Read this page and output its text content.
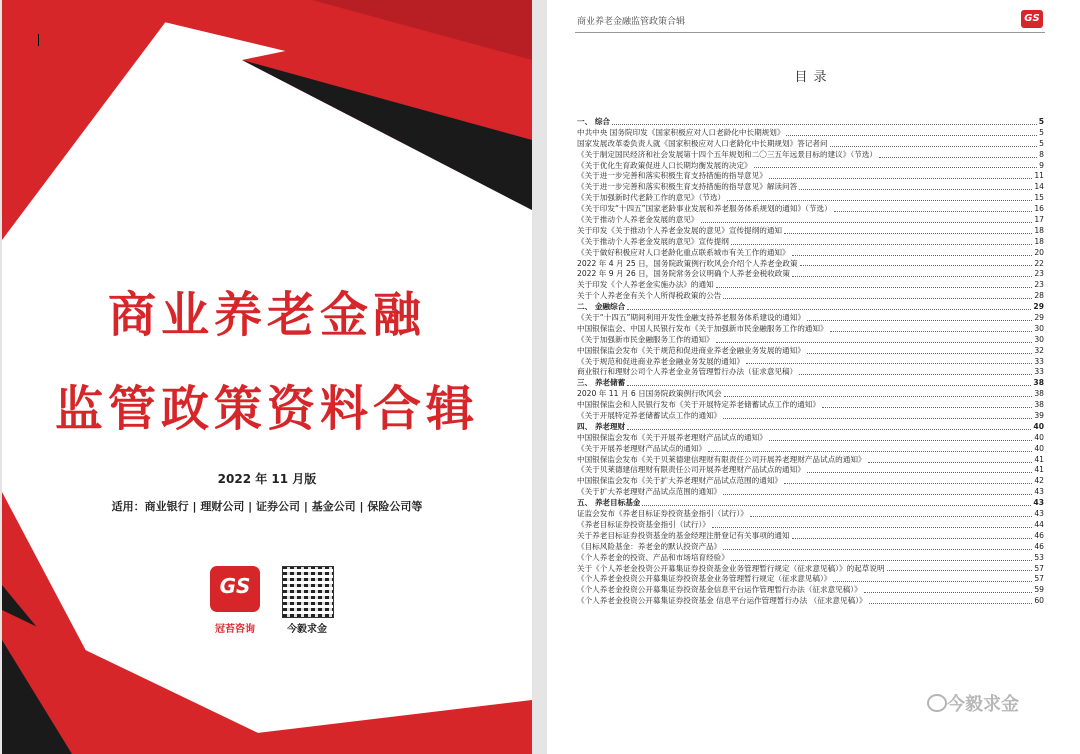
商业养老金融
监管政策资料合辑
2022 年 11 月版
适用：商业银行 | 理财公司 | 证券公司 | 基金公司 | 保险公司等
GS
冠苔咨询	今毅求金
商业养老金融监管政策合辑	GS
目录
一、 综合	5
中共中央 国务院印发《国家积极应对人口老龄化中长期规划》	5
国家发展改革委负责人就《国家积极应对人口老龄化中长期规划》答记者问	5
《关于制定国民经济和社会发展第十四个五年规划和二〇三五年远景目标的建议》（节选）	8
《关于优化生育政策促进人口长期均衡发展的决定》	9
《关于进一步完善和落实积极生育支持措施的指导意见》	11
《关于进一步完善和落实积极生育支持措施的指导意见》解读问答	14
《关于加强新时代老龄工作的意见》（节选）	15
《关于印发“十四五”国家老龄事业发展和养老服务体系规划的通知》（节选）	16
《关于推动个人养老金发展的意见》	17
关于印发《关于推动个人养老金发展的意见》宣传提纲的通知	18
《关于推动个人养老金发展的意见》宣传提纲	18
《关于做好积极应对人口老龄化重点联系城市有关工作的通知》	20
2022 年 4 月 25 日，国务院政策例行吹风会介绍个人养老金政策	22
2022 年 9 月 26 日，国务院常务会议明确个人养老金税收政策	23
关于印发《个人养老金实施办法》的通知	23
关于个人养老金有关个人所得税政策的公告	28
二、 金融综合	29
《关于“十四五”期间利用开发性金融支持养老服务体系建设的通知》	29
中国银保监会、中国人民银行发布《关于加强新市民金融服务工作的通知》	30
《关于加强新市民金融服务工作的通知》	30
中国银保监会发布《关于规范和促进商业养老金融业务发展的通知》	32
《关于规范和促进商业养老金融业务发展的通知》	33
商业银行和理财公司个人养老金业务管理暂行办法（征求意见稿）	33
三、 养老储蓄	38
2020 年 11 月 6 日国务院政策例行吹风会	38
中国银保监会和人民银行发布《关于开展特定养老储蓄试点工作的通知》	38
《关于开展特定养老储蓄试点工作的通知》	39
四、 养老理财	40
中国银保监会发布《关于开展养老理财产品试点的通知》	40
《关于开展养老理财产品试点的通知》	40
中国银保监会发布《关于贝莱德建信理财有限责任公司开展养老理财产品试点的通知》	41
《关于贝莱德建信理财有限责任公司开展养老理财产品试点的通知》	41
中国银保监会发布《关于扩大养老理财产品试点范围的通知》	42
《关于扩大养老理财产品试点范围的通知》	43
五、 养老目标基金	43
证监会发布《养老目标证券投资基金指引（试行）》	43
《养老目标证券投资基金指引（试行）》	44
关于养老目标证券投资基金的基金经理注册登记有关事项的通知	46
《目标风险基金：养老金的默认投资产品》	46
《个人养老金的投资、产品和市场培育经验》	53
关于《个人养老金投资公开募集证券投资基金业务管理暂行规定（征求意见稿）》的起草说明	57
《个人养老金投资公开募集证券投资基金业务管理暂行规定（征求意见稿）》	57
《个人养老金投资公开募集证券投资基金信息平台运作管理暂行办法（征求意见稿）》	59
《个人养老金投资公开募集证券投资基金 信息平台运作管理暂行办法 （征求意见稿）》	60
今毅求金
